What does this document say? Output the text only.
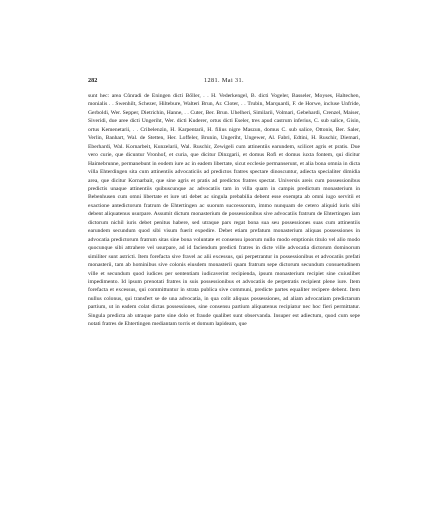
282	1281. Mai 31.

sunt hec: area Cůnradi de Eningen dicti Bőller, . . H. Vederkengel, B. dicti Vogeler, Basseler, Moyses, Haltechen, monialis . . Swenhilt, Schezer, Hiltebure, Walteri Brun, Ar. Cloter, . . Trubin, Marquardi, F. de Horwe, inclusе Unfride, Gerboldi, Wer. Sepper, Dietrichin, Hanne, . . Cuter, Ber. Brun. Uhelheri, Similarii, Volmari, Gebehardi, Crenzel, Maiser, Siveridi, due aree dicti Ungeriht, Wer. dicti Kuderer, ortus dicti Eseler, tres apud castrum inferius, C. sub salice, Gisin, ortus Kemenetarii, . . Cribelenzin, H. Karpentarii, H. filius nigre Maszun, domus C. sub salice, Ottonis, Ber. Saler, Verlin, Banhart, Wal. de Stetten, Her. Loffeler, Brunin, Ungeriht, Ungewer, Al. Fabri, Edtini, H. Ruschir, Diemari, Eberhardi, Wal. Kornarbeit, Kunzelarii, Wal. Ruschir, Zewigeli cum attinentiis earundem, scilicet agris et pratis. Due vero curie, que dicuntur Vronhof, et curia, que dicitur Dinzgarii, et domus Rofi et domus iuxta fontem, qui dicitur Haimebrunne, permanebunt in eodem iure ac in eadem libertate, sicut ecclesie permanserunt, et alia bona omnia in dicta villa Ehterdingen sita cum attinentiis advocaticiis ad predictos fratres spectare dinoscuntur, adiecta specialiter dimidia area, que dicitur Kornarbait, que sine agris et pratis ad predictos fratres spectat. Universis areis cum possessionibus predictis unaque attinentiis quibuscunque ac advocatiis tam in villa quam in campis predictum monasterium in Bebenhusen cum omni libertate et iure uti debet ac singula prebabilia debent esse exempta ab omni iugo servitii et exactione antedictorum fratrum de Ehtertingen ac suorum successorum, immo nunquam de cetero aliquid iuris sibi debent aliquatenus usurpare. Assumit dictum monasterium de possessionibus sive advocatiis fratrum de Ehtertingen iam dictorum nichil iuris debet penitus habere, sed utraque pars regat bona sua seu possessiones suas cum attinentiis earundem secundum quod sibi visum fuerit expedire. Debet etiam prefatum monasterium aliquas possessiones in advocatia predictorum fratrum sitas sine bona voluntate et consensu ipsorum nullo modo emptionis titulo vel alio modo quocunque sibi attrahere vel usurpare, ad id faciendum predicti fratres in dicte ville advocatia dictorum dominorum similiter sunt astricti. Item forefacta sive fravel ac alii excessus, qui perpetrantur in possessionibus et advocatiis prefati monasterii, tam ab hominibus sive colonis eiusdem monasterii quam fratrum sepe dictorum secundum consuetudinem ville et secundum quod iudices per sententiam iudicaverint recipienda, ipsum monasterium recipiet sine cuiuslibet impedimento. Id ipsum prenotati fratres in suis possessionibus et advocatiis de perpetratis recipient plene iure. Item forefacta et excessus, qui committuntur in strata publica sive communi, predicte partes equaliter recipere debent. Item nullus colonus, qui transfert se de una advocatia, in qua colit aliquas possessiones, ad aliam advocatiam predictarum partium, ut in eadem colat dictas possessiones, sine consensu partium aliquatenus recipiatur nec hoc fieri permittatur. Singula predicta ab utraque parte sine dolo et fraude qualibet sunt observanda. Insuper est adiectum, quod cum sepe notati fratres de Ehtertingen mediantam torris et domum lapideam, que
